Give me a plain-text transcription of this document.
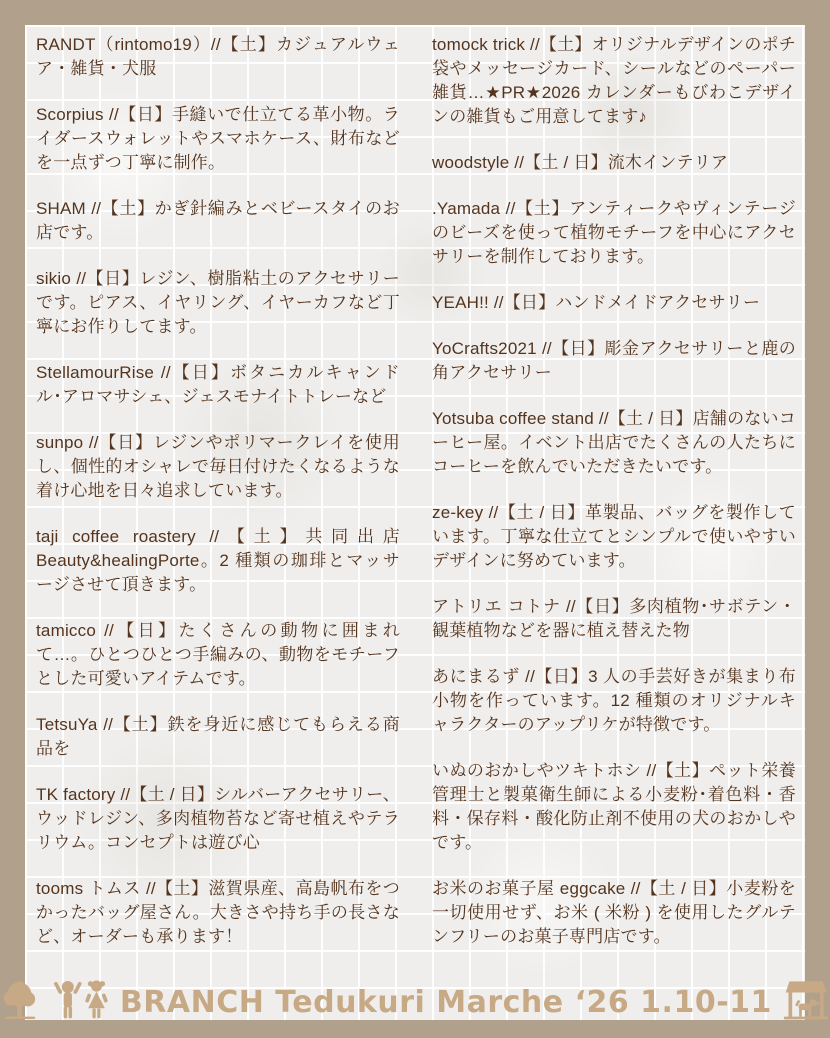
RANDT（rintomo19）//【土】カジュアルウェア・雑貨・犬服

Scorpius //【日】手縫いで仕立てる革小物。ライダースウォレットやスマホケース、財布などを一点ずつ丁寧に制作。

SHAM //【土】かぎ針編みとベビースタイのお店です。

sikio //【日】レジン、樹脂粘土のアクセサリーです。ピアス、イヤリング、イヤーカフなど丁寧にお作りしてます。

StellamourRise //【日】ボタニカルキャンドル･アロマサシェ、ジェスモナイトトレーなど

sunpo //【日】レジンやポリマークレイを使用し、個性的オシャレで毎日付けたくなるような着け心地を日々追求しています。

taji coffee roastery //【土】共同出店 Beauty&healingPorte。2 種類の珈琲とマッサージさせて頂きます。

tamicco //【日】たくさんの動物に囲まれて…。ひとつひとつ手編みの、動物をモチーフとした可愛いアイテムです。

TetsuYa //【土】鉄を身近に感じてもらえる商品を

TK factory //【土 / 日】シルバーアクセサリー、ウッドレジン、多肉植物苔など寄せ植えやテラリウム。コンセプトは遊び心

tooms トムス //【土】滋賀県産、高島帆布をつかったバッグ屋さん。大きさや持ち手の長さなど、オーダーも承ります！

tomock trick //【土】オリジナルデザインのポチ袋やメッセージカード、シールなどのペーパー雑貨…★PR★2026 カレンダーもびわこデザインの雑貨もご用意してます♪

woodstyle //【土 / 日】流木インテリア

.Yamada //【土】アンティークやヴィンテージのビーズを使って植物モチーフを中心にアクセサリーを制作しております。

YEAH!! //【日】ハンドメイドアクセサリー

YoCrafts2021 //【日】彫金アクセサリーと鹿の角アクセサリー

Yotsuba coffee stand //【土 / 日】店舗のないコーヒー屋。イベント出店でたくさんの人たちにコーヒーを飲んでいただきたいです。

ze-key //【土 / 日】革製品、バッグを製作しています。丁寧な仕立てとシンプルで使いやすいデザインに努めています。

アトリエ コトナ //【日】多肉植物･サボテン・観葉植物などを器に植え替えた物

あにまるず //【日】3 人の手芸好きが集まり布小物を作っています。12 種類のオリジナルキャラクターのアップリケが特徴です。

いぬのおかしやツキトホシ //【土】ペット栄養管理士と製菓衛生師による小麦粉･着色料・香料・保存料・酸化防止剤不使用の犬のおかしやです。

お米のお菓子屋 eggcake //【土 / 日】小麦粉を一切使用せず、お米 ( 米粉 ) を使用したグルテンフリーのお菓子専門店です。

BRANCH Tedukuri Marche ‘26 1.10-11
